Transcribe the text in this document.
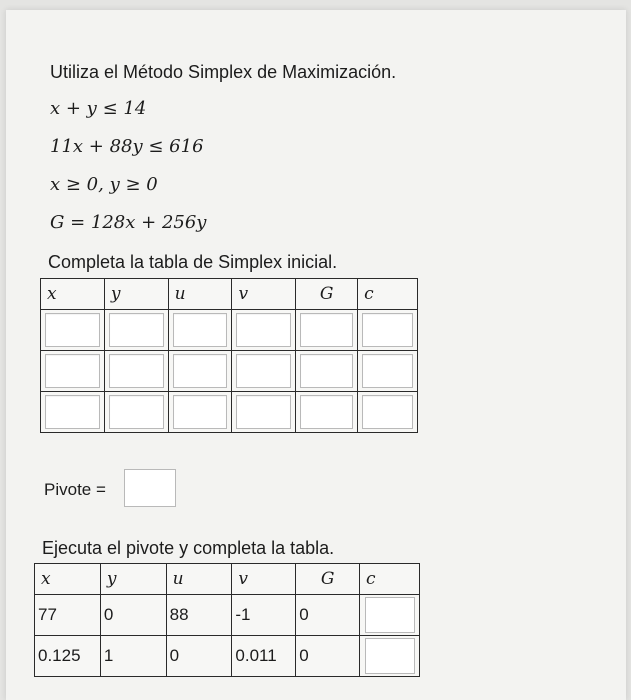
Utiliza el Método Simplex de Maximización.
x + y ≤ 14
11x + 88y ≤ 616
x ≥ 0, y ≥ 0
G = 128x + 256y
Completa la tabla de Simplex inicial.
x	y	u	v	G	c

Pivote =
Ejecuta el pivote y completa la tabla.
x	y	u	v	G	c
77	0	88	-1	0	

0.125	1	0	0.011	0	
